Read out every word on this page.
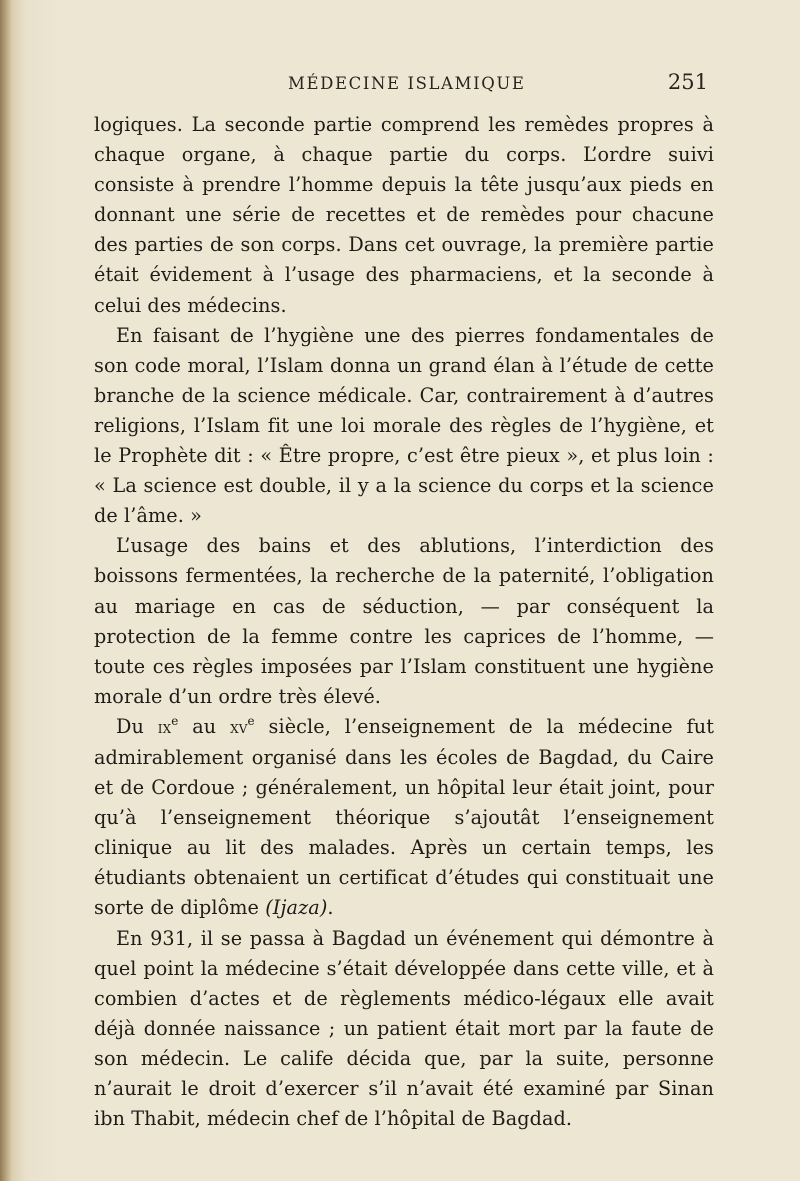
MÉDECINE ISLAMIQUE	251

logiques. La seconde partie comprend les remèdes propres à chaque organe, à chaque partie du corps. L’ordre suivi consiste à prendre l’homme depuis la tête jusqu’aux pieds en donnant une série de recettes et de remèdes pour chacune des parties de son corps. Dans cet ouvrage, la première partie était évidement à l’usage des pharmaciens, et la seconde à celui des médecins.

En faisant de l’hygiène une des pierres fondamentales de son code moral, l’Islam donna un grand élan à l’étude de cette branche de la science médicale. Car, contrairement à d’autres religions, l’Islam fit une loi morale des règles de l’hygiène, et le Prophète dit : « Être propre, c’est être pieux », et plus loin : « La science est double, il y a la science du corps et la science de l’âme. »

L’usage des bains et des ablutions, l’interdiction des boissons fermentées, la recherche de la paternité, l’obligation au mariage en cas de séduction, — par conséquent la protection de la femme contre les caprices de l’homme, — toute ces règles imposées par l’Islam constituent une hygiène morale d’un ordre très élevé.

Du $ix^e$ au $xv^e$ siècle, l’enseignement de la médecine fut admirablement organisé dans les écoles de Bagdad, du Caire et de Cordoue ; généralement, un hôpital leur était joint, pour qu’à l’enseignement théorique s’ajoutât l’enseignement clinique au lit des malades. Après un certain temps, les étudiants obtenaient un certificat d’études qui constituait une sorte de diplôme (Ijaza).

En 931, il se passa à Bagdad un événement qui démontre à quel point la médecine s’était développée dans cette ville, et à combien d’actes et de règlements médico-légaux elle avait déjà donnée naissance ; un patient était mort par la faute de son médecin. Le calife décida que, par la suite, personne n’aurait le droit d’exercer s’il n’avait été examiné par Sinan ibn Thabit, médecin chef de l’hôpital de Bagdad.
